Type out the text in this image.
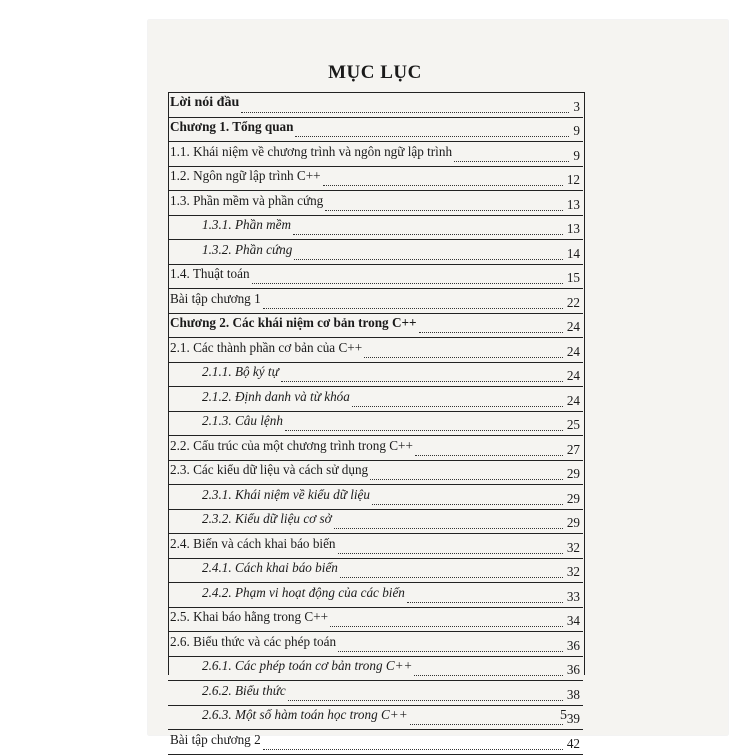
MỤC LỤC
Lời nói đầu	3
Chương 1. Tổng quan	9
1.1. Khái niệm về chương trình và ngôn ngữ lập trình	9
1.2. Ngôn ngữ lập trình C++	12
1.3. Phần mềm và phần cứng	13
1.3.1. Phần mềm	13
1.3.2. Phần cứng	14
1.4. Thuật toán	15
Bài tập chương 1	22
Chương 2. Các khái niệm cơ bản trong C++	24
2.1. Các thành phần cơ bản của C++	24
2.1.1. Bộ ký tự	24
2.1.2. Định danh và từ khóa	24
2.1.3. Câu lệnh	25
2.2. Cấu trúc của một chương trình trong C++	27
2.3. Các kiểu dữ liệu và cách sử dụng	29
2.3.1. Khái niệm về kiểu dữ liệu	29
2.3.2. Kiểu dữ liệu cơ sở	29
2.4. Biến và cách khai báo biến	32
2.4.1. Cách khai báo biến	32
2.4.2. Phạm vi hoạt động của các biến	33
2.5. Khai báo hằng trong C++	34
2.6. Biểu thức và các phép toán	36
2.6.1. Các phép toán cơ bản trong C++	36
2.6.2. Biểu thức	38
2.6.3. Một số hàm toán học trong C++	39
Bài tập chương 2	42
5
